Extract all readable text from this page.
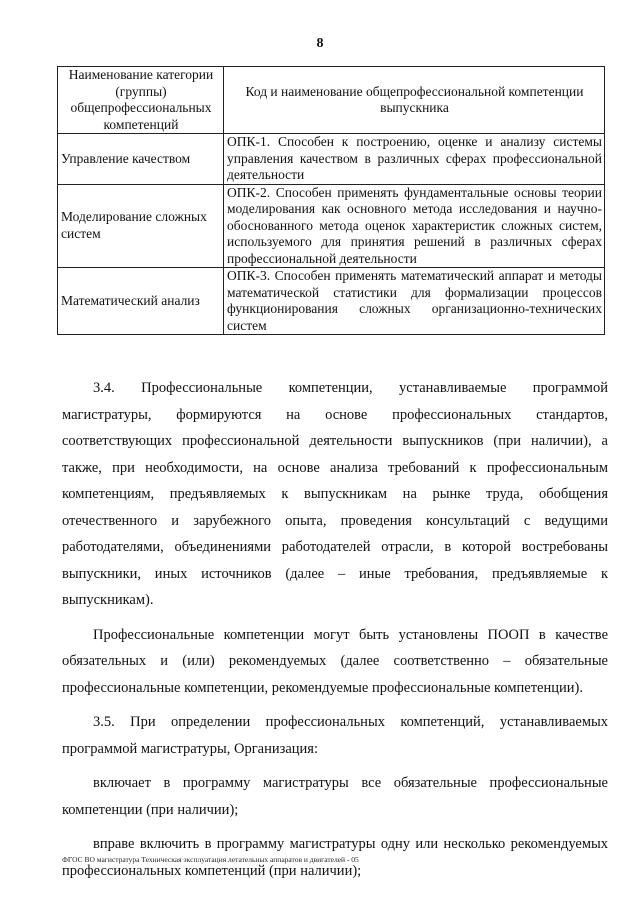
8
Наименование категории (группы) общепрофессиональных компетенций	Код и наименование общепрофессиональной компетенции выпускника
Управление качеством	ОПК-1. Способен к построению, оценке и анализу системы управления качеством в различных сферах профессиональной деятельности
Моделирование сложных систем	ОПК-2. Способен применять фундаментальные основы теории моделирования как основного метода исследования и научно-обоснованного метода оценок характеристик сложных систем, используемого для принятия решений в различных сферах профессиональной деятельности
Математический анализ	ОПК-3. Способен применять математический аппарат и методы математической статистики для формализации процессов функционирования сложных организационно-технических систем

3.4. Профессиональные компетенции, устанавливаемые программой магистратуры, формируются на основе профессиональных стандартов, соответствующих профессиональной деятельности выпускников (при наличии), а также, при необходимости, на основе анализа требований к профессиональным компетенциям, предъявляемых к выпускникам на рынке труда, обобщения отечественного и зарубежного опыта, проведения консультаций с ведущими работодателями, объединениями работодателей отрасли, в которой востребованы выпускники, иных источников (далее – иные требования, предъявляемые к выпускникам).

Профессиональные компетенции могут быть установлены ПООП в качестве обязательных и (или) рекомендуемых (далее соответственно – обязательные профессиональные компетенции, рекомендуемые профессиональные компетенции).

3.5. При определении профессиональных компетенций, устанавливаемых программой магистратуры, Организация:

включает в программу магистратуры все обязательные профессиональные компетенции (при наличии);

вправе включить в программу магистратуры одну или несколько рекомендуемых профессиональных компетенций (при наличии);

ФГОС ВО магистратура Техническая эксплуатация летательных аппаратов и двигателей - 05
